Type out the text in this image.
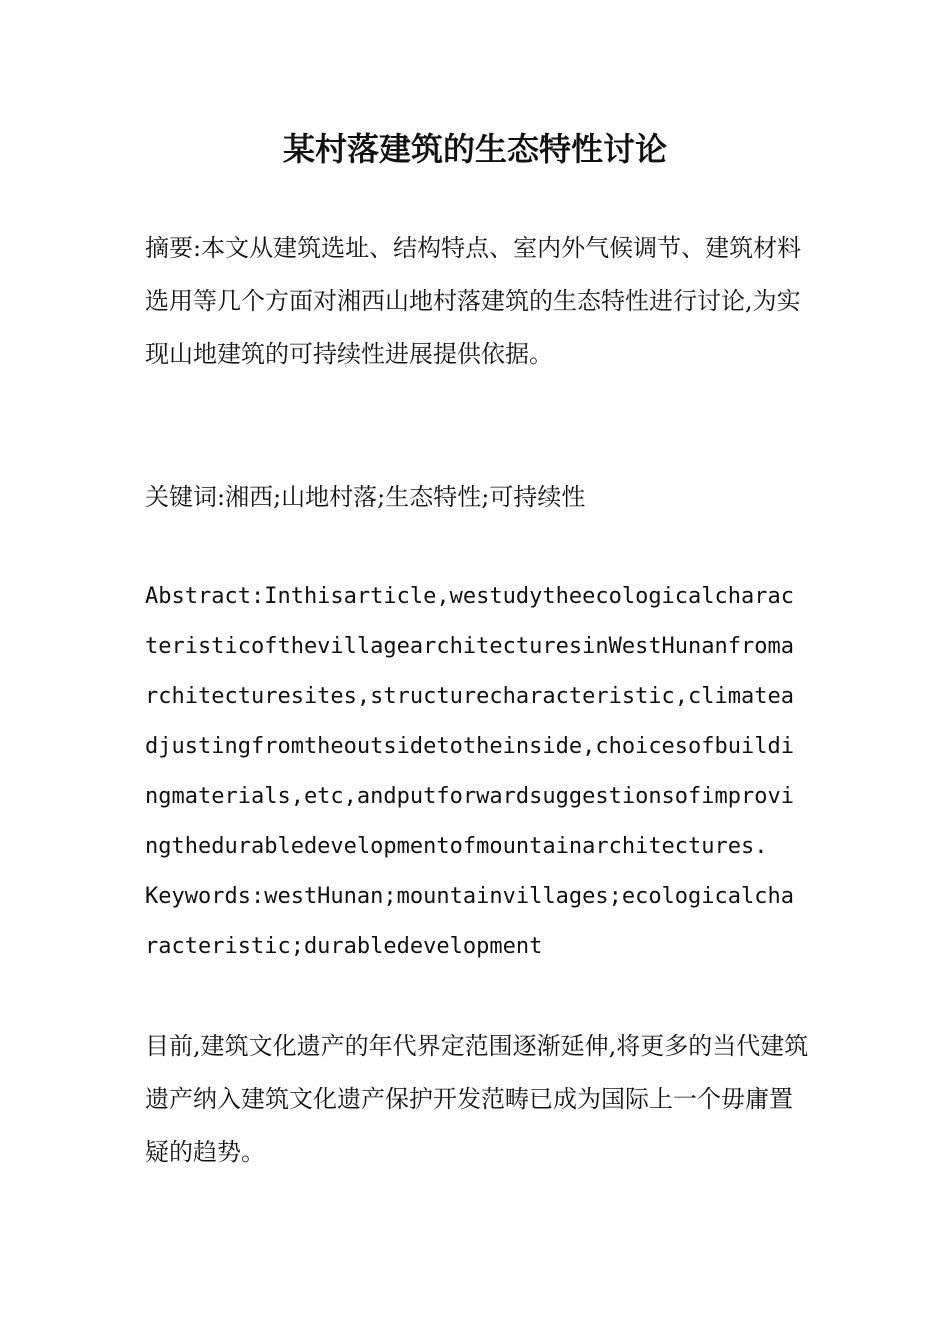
某村落建筑的生态特性讨论

摘要:本文从建筑选址、结构特点、室内外气候调节、建筑材料选用等几个方面对湘西山地村落建筑的生态特性进行讨论,为实现山地建筑的可持续性进展提供依据。

关键词:湘西;山地村落;生态特性;可持续性

Abstract:Inthisarticle,westudytheecologicalcharacteristicofthevillagearchitecturesinWestHunanfromarchitecturesites,structurecharacteristic,climateadjustingfromtheoutsidetotheinside,choicesofbuildingmaterials,etc,andputforwardsuggestionsofimprovingthedurabledevelopmentofmountainarchitectures.

Keywords:westHunan;mountainvillages;ecologicalcharacteristic;durabledevelopment

目前,建筑文化遗产的年代界定范围逐渐延伸,将更多的当代建筑遗产纳入建筑文化遗产保护开发范畴已成为国际上一个毋庸置疑的趋势。
